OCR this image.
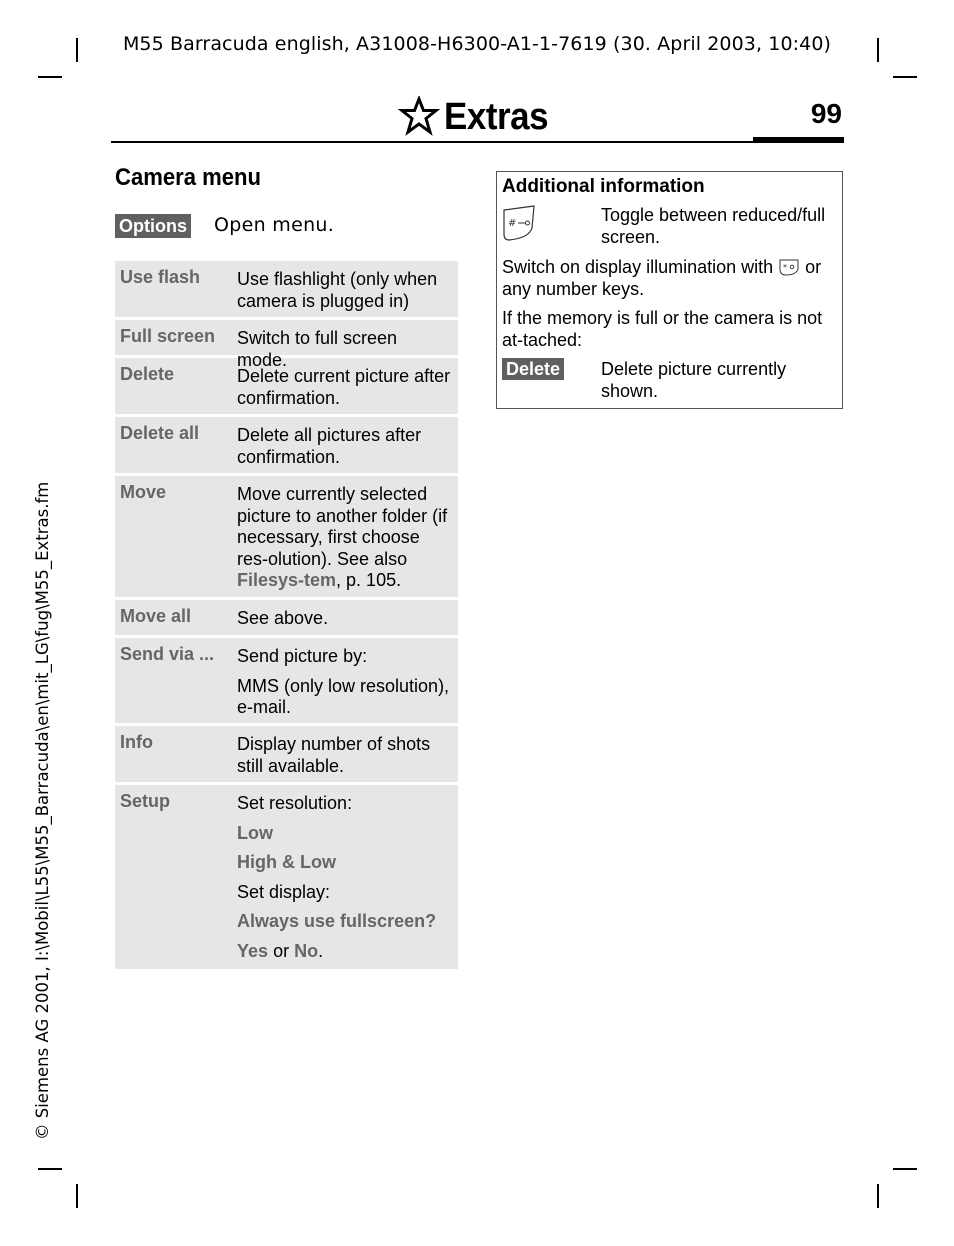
M55 Barracuda english, A31008-H6300-A1-1-7619 (30. April 2003, 10:40)
© Siemens AG 2001, I:\Mobil\L55\M55_Barracuda\en\mit_LG\fug\M55_Extras.fm
Extras	99
Camera menu
Options Open menu.
Use flash	Use flashlight (only when camera is plugged in)

Full screen	Switch to full screen mode.

Delete	Delete current picture after confirmation.

Delete all	Delete all pictures after confirmation.

Move	Move currently selected picture to another folder (if necessary, first choose res-olution). See also Filesys-tem, p. 105.

Move all	See above.

Send via ...	Send picture by:

MMS (only low resolution), e-mail.

Info	Display number of shots still available.

Setup	Set resolution:

Low

High & Low

Set display:

Always use fullscreen?

Yes or No.

Additional information
#	Toggle between reduced/full screen.
Switch on display illumination with * or any number keys.
If the memory is full or the camera is not at-tached:
Delete Delete picture currently shown.
